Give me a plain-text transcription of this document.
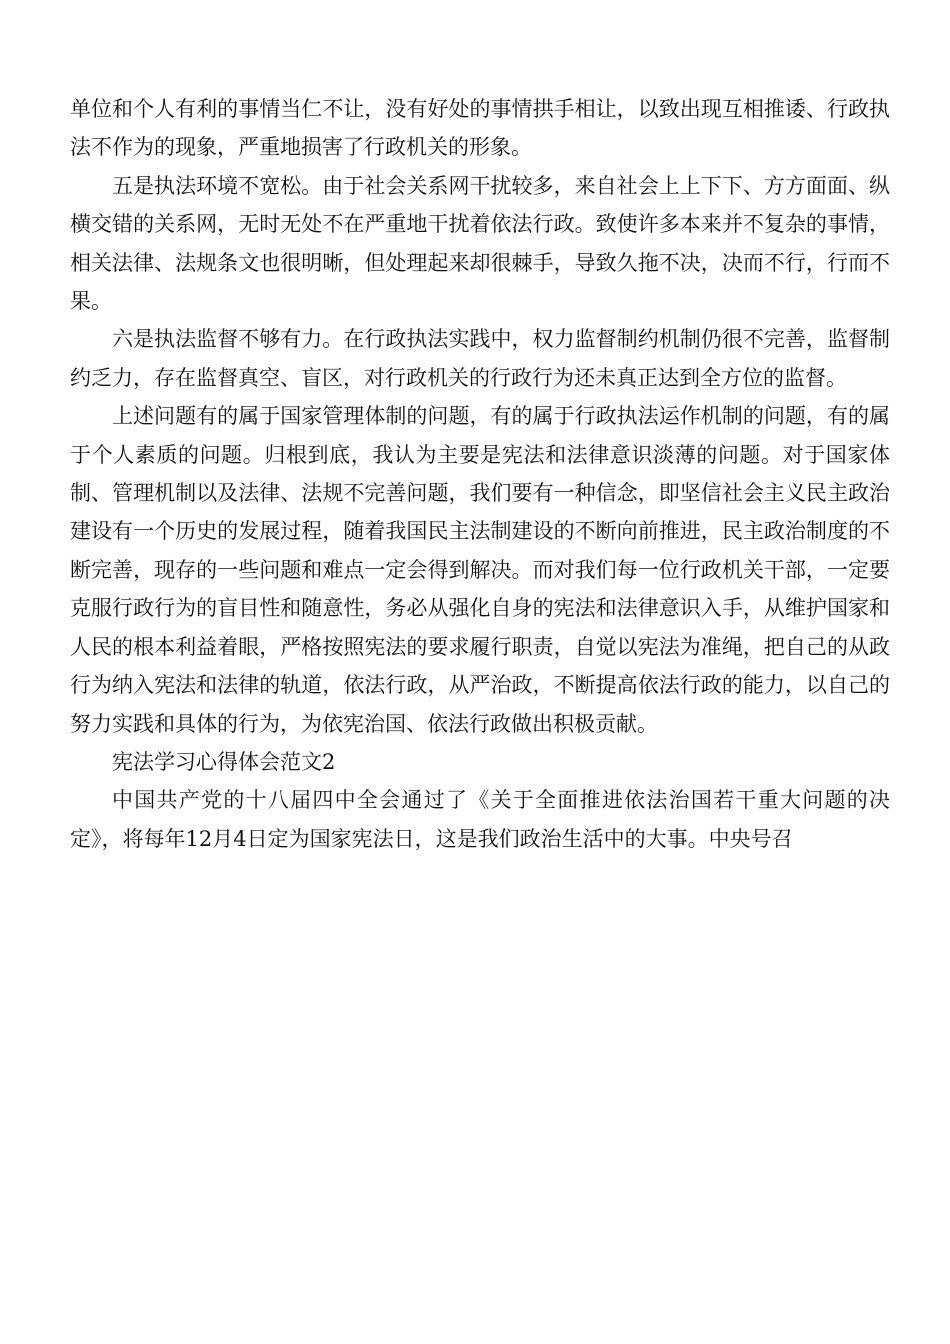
单位和个人有利的事情当仁不让，没有好处的事情拱手相让，以致出现互相推诿、行政执法不作为的现象，严重地损害了行政机关的形象。

五是执法环境不宽松。由于社会关系网干扰较多，来自社会上上下下、方方面面、纵横交错的关系网，无时无处不在严重地干扰着依法行政。致使许多本来并不复杂的事情，相关法律、法规条文也很明晰，但处理起来却很棘手，导致久拖不决，决而不行，行而不果。

六是执法监督不够有力。在行政执法实践中，权力监督制约机制仍很不完善，监督制约乏力，存在监督真空、盲区，对行政机关的行政行为还未真正达到全方位的监督。

上述问题有的属于国家管理体制的问题，有的属于行政执法运作机制的问题，有的属于个人素质的问题。归根到底，我认为主要是宪法和法律意识淡薄的问题。对于国家体制、管理机制以及法律、法规不完善问题，我们要有一种信念，即坚信社会主义民主政治建设有一个历史的发展过程，随着我国民主法制建设的不断向前推进，民主政治制度的不断完善，现存的一些问题和难点一定会得到解决。而对我们每一位行政机关干部，一定要克服行政行为的盲目性和随意性，务必从强化自身的宪法和法律意识入手，从维护国家和人民的根本利益着眼，严格按照宪法的要求履行职责，自觉以宪法为准绳，把自己的从政行为纳入宪法和法律的轨道，依法行政，从严治政，不断提高依法行政的能力，以自己的努力实践和具体的行为，为依宪治国、依法行政做出积极贡献。

宪法学习心得体会范文2

中国共产党的十八届四中全会通过了《关于全面推进依法治国若干重大问题的决定》，将每年12月4日定为国家宪法日，这是我们政治生活中的大事。中央号召
